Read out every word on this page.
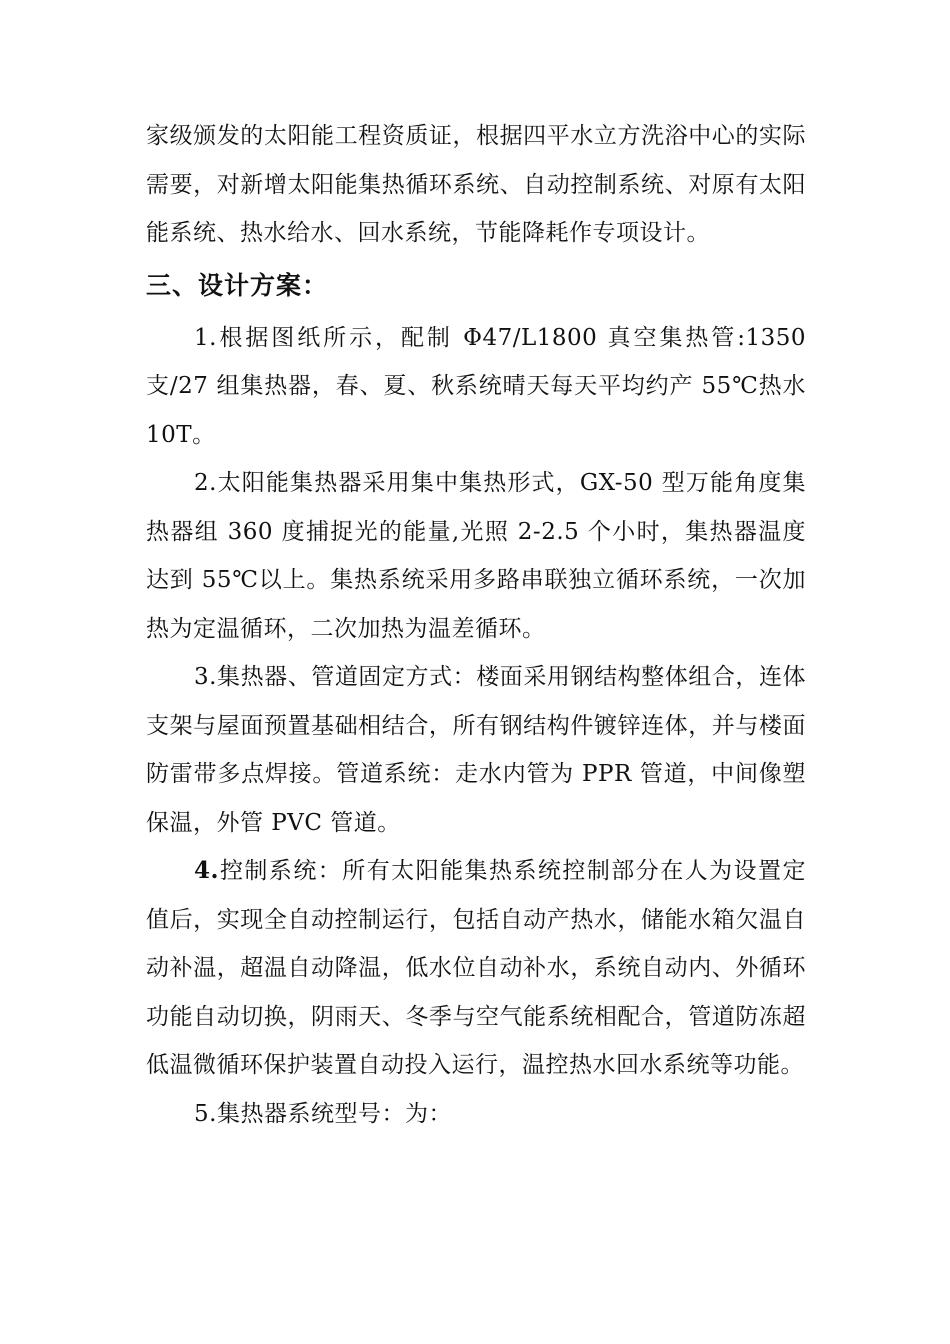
家级颁发的太阳能工程资质证，根据四平水立方洗浴中心的实际需要，对新增太阳能集热循环系统、自动控制系统、对原有太阳能系统、热水给水、回水系统，节能降耗作专项设计。

三、设计方案：

1.根据图纸所示，配制 Φ47/L1800 真空集热管:1350 支/27 组集热器，春、夏、秋系统晴天每天平均约产 55℃热水 10T。

2.太阳能集热器采用集中集热形式，GX-50 型万能角度集热器组 360 度捕捉光的能量,光照 2-2.5 个小时，集热器温度达到 55℃以上。集热系统采用多路串联独立循环系统，一次加热为定温循环，二次加热为温差循环。

3.集热器、管道固定方式：楼面采用钢结构整体组合，连体支架与屋面预置基础相结合，所有钢结构件镀锌连体，并与楼面防雷带多点焊接。管道系统：走水内管为 PPR 管道，中间像塑保温，外管 PVC 管道。

4.控制系统：所有太阳能集热系统控制部分在人为设置定值后，实现全自动控制运行，包括自动产热水，储能水箱欠温自动补温，超温自动降温，低水位自动补水，系统自动内、外循环功能自动切换，阴雨天、冬季与空气能系统相配合，管道防冻超低温微循环保护装置自动投入运行，温控热水回水系统等功能。

5.集热器系统型号：为：
